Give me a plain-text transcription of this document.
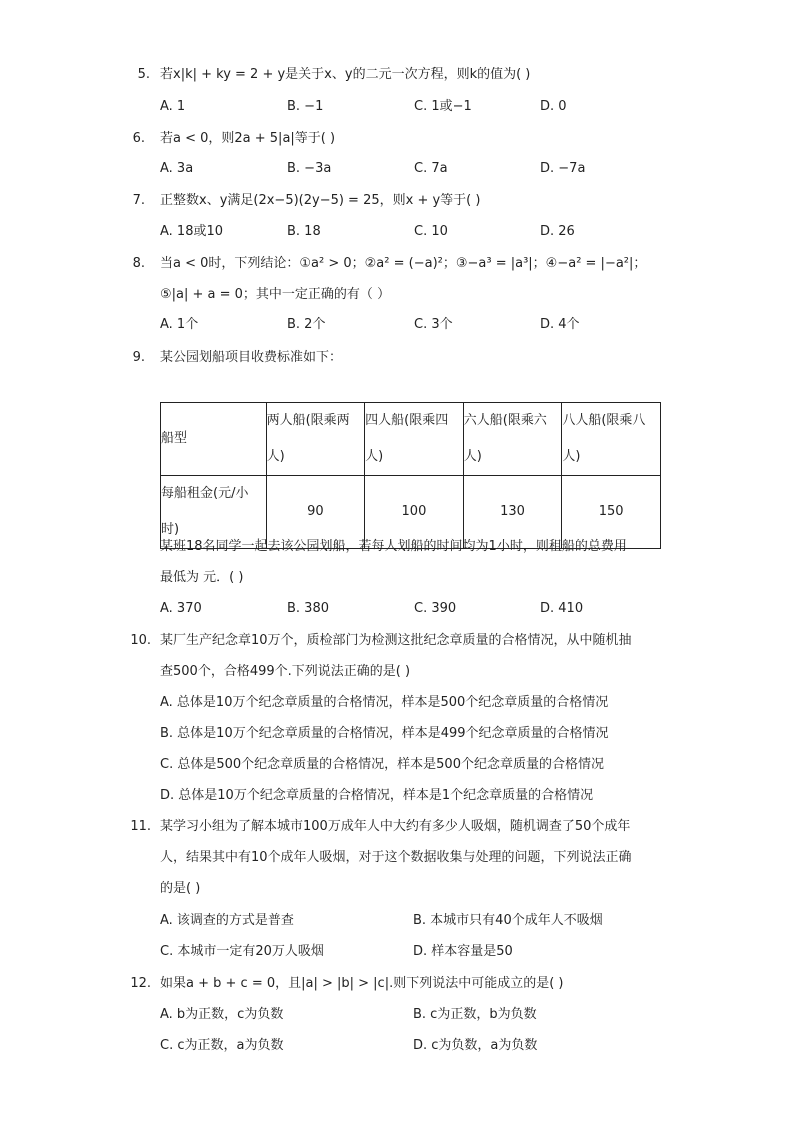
5. 若x|k| + ky = 2 + y是关于x、y的二元一次方程，则k的值为( )
A. 1	B. −1	C. 1或−1	D. 0
6. 若a < 0，则2a + 5|a|等于( )
A. 3a	B. −3a	C. 7a	D. −7a
7. 正整数x、y满足(2x−5)(2y−5) = 25，则x + y等于( )
A. 18或10	B. 18	C. 10	D. 26
8. 当a < 0时，下列结论：①a² > 0；②a² = (−a)²；③−a³ = |a³|；④−a² = |−a²|；
⑤|a| + a = 0；其中一定正确的有（ ）
A. 1个	B. 2个	C. 3个	D. 4个
9. 某公园划船项目收费标准如下：
船型	两人船(限乘两人)	四人船(限乘四人)	六人船(限乘六人)	八人船(限乘八人)

每船租金(元/小时)	90	100	130	150
某班18名同学一起去该公园划船，若每人划船的时间均为1小时，则租船的总费用
最低为 元．( )
A. 370	B. 380	C. 390	D. 410
10. 某厂生产纪念章10万个，质检部门为检测这批纪念章质量的合格情况，从中随机抽
查500个，合格499个.下列说法正确的是( )
A. 总体是10万个纪念章质量的合格情况，样本是500个纪念章质量的合格情况
B. 总体是10万个纪念章质量的合格情况，样本是499个纪念章质量的合格情况
C. 总体是500个纪念章质量的合格情况，样本是500个纪念章质量的合格情况
D. 总体是10万个纪念章质量的合格情况，样本是1个纪念章质量的合格情况
11. 某学习小组为了解本城市100万成年人中大约有多少人吸烟，随机调查了50个成年
人，结果其中有10个成年人吸烟，对于这个数据收集与处理的问题，下列说法正确
的是( )
A. 该调查的方式是普查	B. 本城市只有40个成年人不吸烟
C. 本城市一定有20万人吸烟	D. 样本容量是50
12. 如果a + b + c = 0，且|a| > |b| > |c|.则下列说法中可能成立的是( )
A. b为正数，c为负数	B. c为正数，b为负数
C. c为正数，a为负数	D. c为负数，a为负数
